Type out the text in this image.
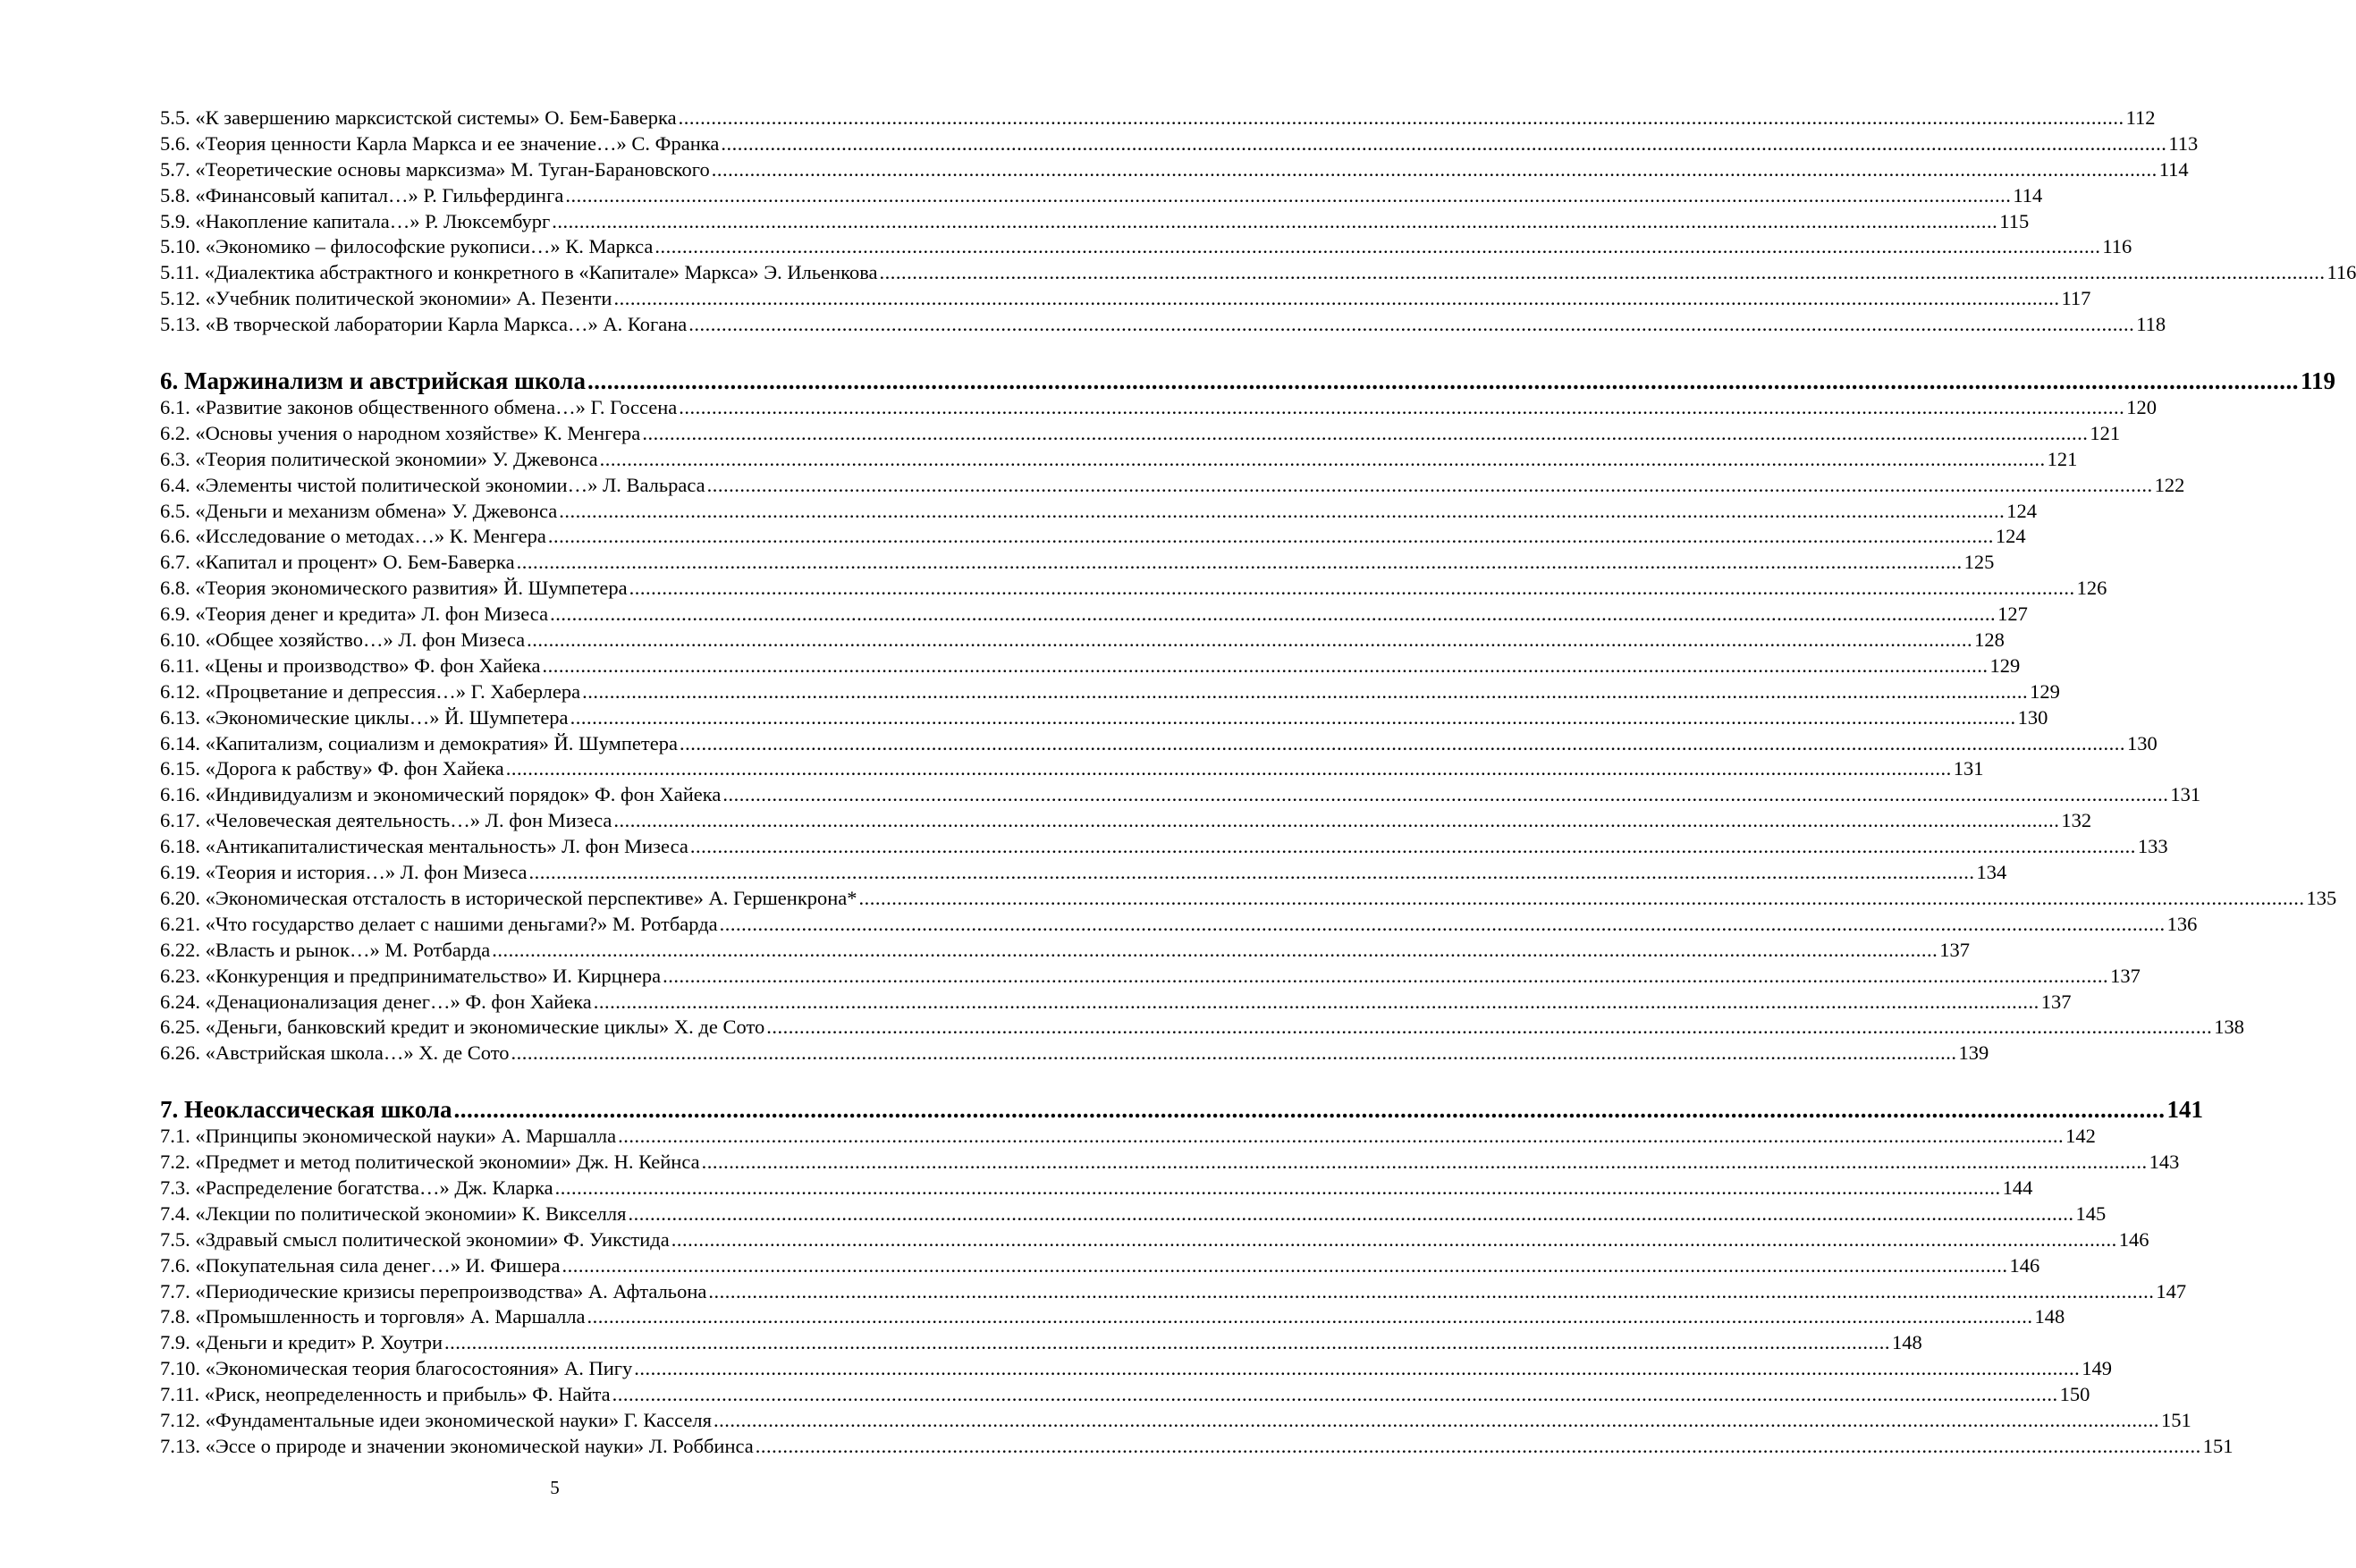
5.5. «К завершению марксистской системы» О. Бем-Баверка .....	112
5.6. «Теория ценности Карла Маркса и ее значение…» С. Франка .....	113
5.7. «Теоретические основы марксизма» М. Туган-Барановского .....	114
5.8. «Финансовый капитал…» Р. Гильфердинга .....	114
5.9. «Накопление капитала…» Р. Люксембург .....	115
5.10. «Экономико – философские рукописи…» К. Маркса .....	116
5.11. «Диалектика абстрактного и конкретного в «Капитале» Маркса» Э. Ильенкова .....	116
5.12. «Учебник политической экономии» А. Пезенти .....	117
5.13. «В творческой лаборатории Карла Маркса…» А. Когана .....	118
6. Маржинализм и австрийская школа .....	119
6.1. «Развитие законов общественного обмена…» Г. Госсена .....	120
6.2. «Основы учения о народном хозяйстве» К. Менгера .....	121
6.3. «Теория политической экономии» У. Джевонса .....	121
6.4. «Элементы чистой политической экономии…» Л. Вальраса .....	122
6.5. «Деньги и механизм обмена» У. Джевонса .....	124
6.6. «Исследование о методах…» К. Менгера .....	124
6.7. «Капитал и процент» О. Бем-Баверка .....	125
6.8. «Теория экономического развития» Й. Шумпетера .....	126
6.9. «Теория денег и кредита» Л. фон Мизеса .....	127
6.10. «Общее хозяйство…» Л. фон Мизеса .....	128
6.11. «Цены и производство» Ф. фон Хайека .....	129
6.12. «Процветание и депрессия…» Г. Хаберлера .....	129
6.13. «Экономические циклы…» Й. Шумпетера .....	130
6.14. «Капитализм, социализм и демократия» Й. Шумпетера .....	130
6.15. «Дорога к рабству» Ф. фон Хайека .....	131
6.16. «Индивидуализм и экономический порядок» Ф. фон Хайека .....	131
6.17. «Человеческая деятельность…» Л. фон Мизеса .....	132
6.18. «Антикапиталистическая ментальность» Л. фон Мизеса .....	133
6.19. «Теория и история…» Л. фон Мизеса .....	134
6.20. «Экономическая отсталость в исторической перспективе» А. Гершенкрона* .....	135
6.21. «Что государство делает с нашими деньгами?» М. Ротбарда .....	136
6.22. «Власть и рынок…» М. Ротбарда .....	137
6.23. «Конкуренция и предпринимательство» И. Кирцнера .....	137
6.24. «Денационализация денег…» Ф. фон Хайека .....	137
6.25. «Деньги, банковский кредит и экономические циклы» Х. де Сото .....	138
6.26. «Австрийская школа…» Х. де Сото .....	139
7. Неоклассическая школа .....	141
7.1. «Принципы экономической науки» А. Маршалла .....	142
7.2. «Предмет и метод политической экономии» Дж. Н. Кейнса .....	143
7.3. «Распределение богатства…» Дж. Кларка .....	144
7.4. «Лекции по политической экономии» К. Викселля .....	145
7.5. «Здравый смысл политической экономии» Ф. Уикстида .....	146
7.6. «Покупательная сила денег…» И. Фишера .....	146
7.7. «Периодические кризисы перепроизводства» А. Афтальона .....	147
7.8. «Промышленность и торговля» А. Маршалла .....	148
7.9. «Деньги и кредит» Р. Хоутри .....	148
7.10. «Экономическая теория благосостояния» А. Пигу .....	149
7.11. «Риск, неопределенность и прибыль» Ф. Найта .....	150
7.12. «Фундаментальные идеи экономической науки» Г. Касселя .....	151
7.13. «Эссе о природе и значении экономической науки» Л. Роббинса .....	151
5
